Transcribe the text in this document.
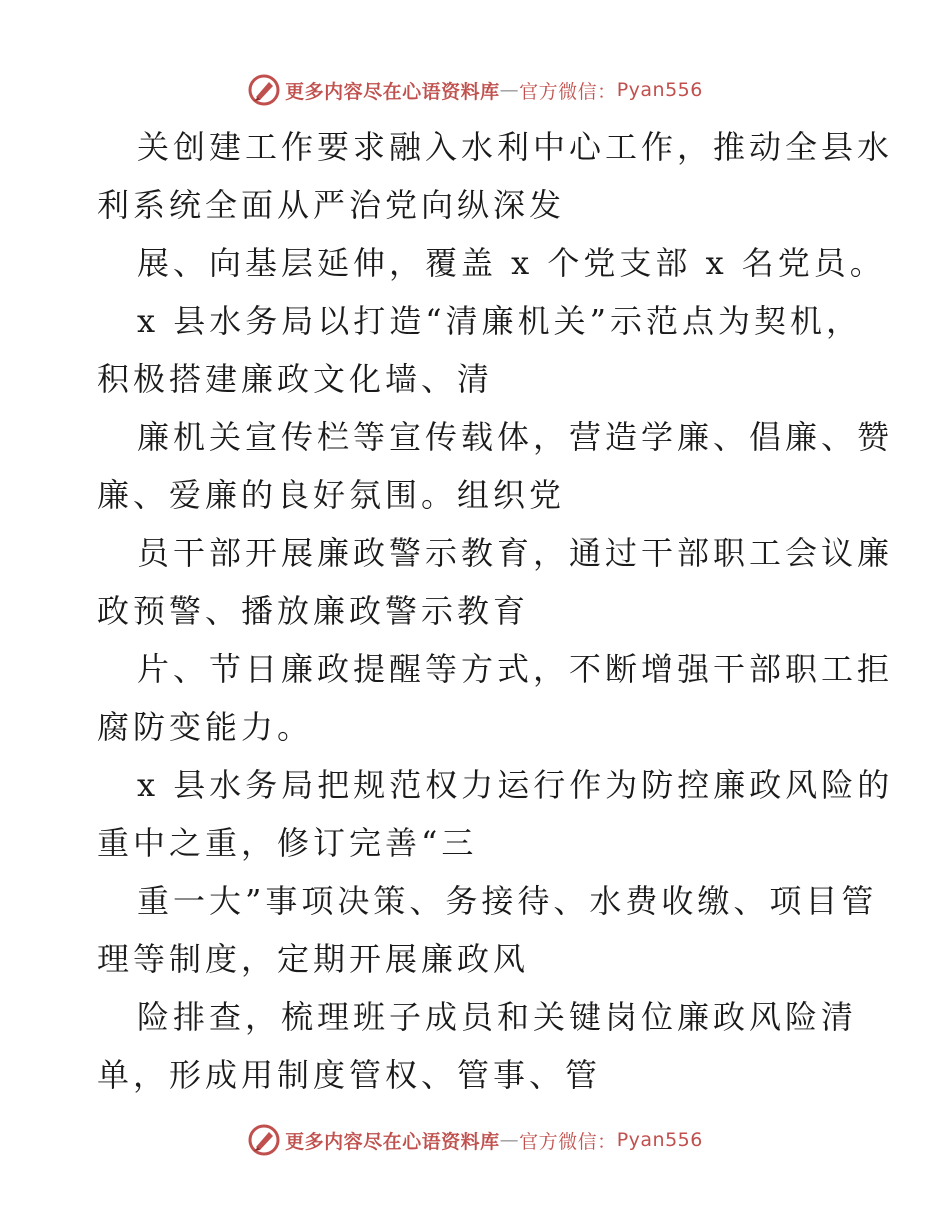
更多内容尽在心语资料库 — 官方微信： Pyan556
关创建工作要求融入水利中心工作，推动全县水
利系统全面从严治党向纵深发
展、向基层延伸，覆盖 x 个党支部 x 名党员。
x 县水务局以打造“清廉机关”示范点为契机，
积极搭建廉政文化墙、清
廉机关宣传栏等宣传载体，营造学廉、倡廉、赞
廉、爱廉的良好氛围。组织党
员干部开展廉政警示教育，通过干部职工会议廉
政预警、播放廉政警示教育
片、节日廉政提醒等方式，不断增强干部职工拒
腐防变能力。
x 县水务局把规范权力运行作为防控廉政风险的
重中之重，修订完善“三
重一大”事项决策、务接待、水费收缴、项目管
理等制度，定期开展廉政风
险排查，梳理班子成员和关键岗位廉政风险清
单，形成用制度管权、管事、管
更多内容尽在心语资料库 — 官方微信： Pyan556
